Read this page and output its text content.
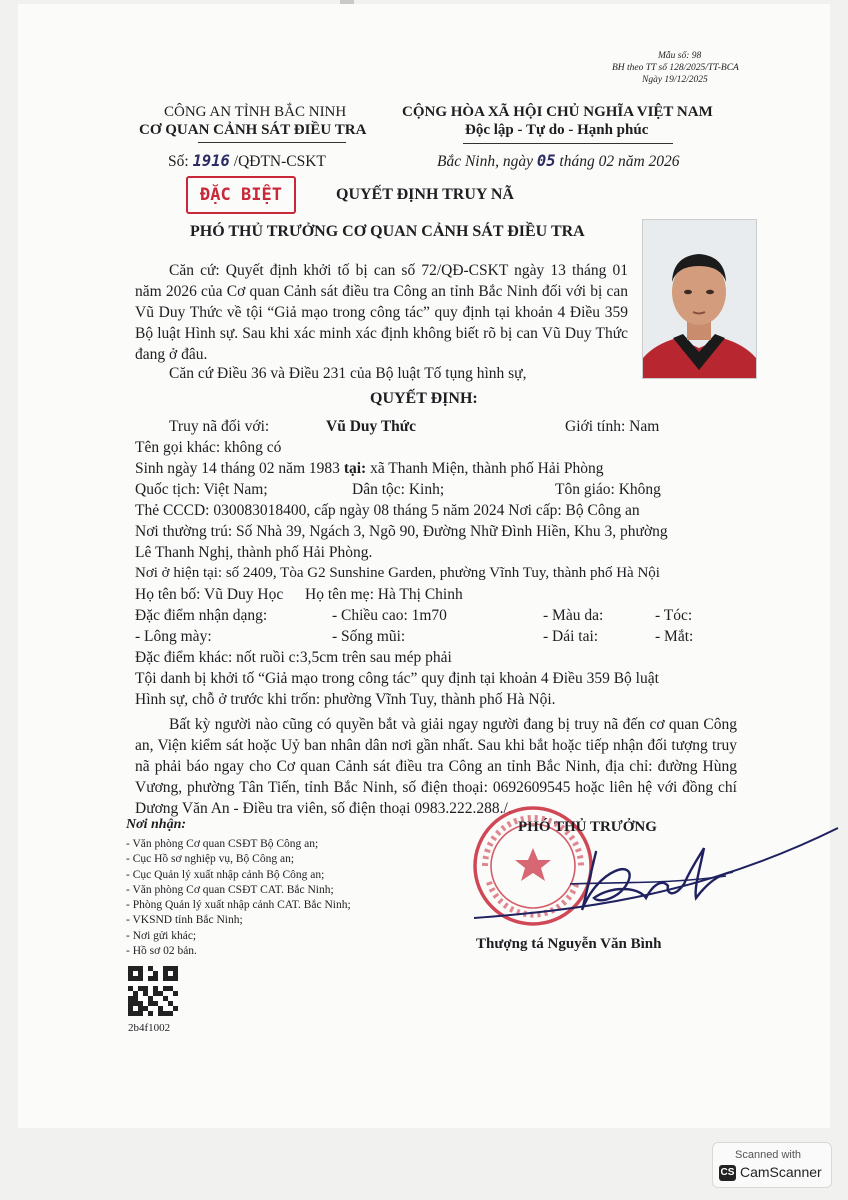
Mẫu số: 98
BH theo TT số 128/2025/TT-BCA
Ngày 19/12/2025
CÔNG AN TỈNH BẮC NINH
CƠ QUAN CẢNH SÁT ĐIỀU TRA
Số: 1916 /QĐTN-CSKT
CỘNG HÒA XÃ HỘI CHỦ NGHĨA VIỆT NAM
Độc lập - Tự do - Hạnh phúc
Bắc Ninh, ngày 05 tháng 02 năm 2026
ĐẶC BIỆT	QUYẾT ĐỊNH TRUY NÃ
PHÓ THỦ TRƯỞNG CƠ QUAN CẢNH SÁT ĐIỀU TRA
Căn cứ: Quyết định khởi tố bị can số 72/QĐ-CSKT ngày 13 tháng 01 năm 2026 của Cơ quan Cảnh sát điều tra Công an tỉnh Bắc Ninh đối với bị can Vũ Duy Thức về tội “Giả mạo trong công tác” quy định tại khoản 4 Điều 359 Bộ luật Hình sự. Sau khi xác minh xác định không biết rõ bị can Vũ Duy Thức đang ở đâu.
Căn cứ Điều 36 và Điều 231 của Bộ luật Tố tụng hình sự,
QUYẾT ĐỊNH:
Truy nã đối với:	Vũ Duy Thức	Giới tính: Nam
Tên gọi khác: không có
Sinh ngày 14 tháng 02 năm 1983 tại: xã Thanh Miện, thành phố Hải Phòng
Quốc tịch: Việt Nam;	Dân tộc: Kinh;	Tôn giáo: Không
Thẻ CCCD: 030083018400, cấp ngày 08 tháng 5 năm 2024 Nơi cấp: Bộ Công an
Nơi thường trú: Số Nhà 39, Ngách 3, Ngõ 90, Đường Nhữ Đình Hiền, Khu 3, phường
Lê Thanh Nghị, thành phố Hải Phòng.
Nơi ở hiện tại: số 2409, Tòa G2 Sunshine Garden, phường Vĩnh Tuy, thành phố Hà Nội
Họ tên bố: Vũ Duy Học Họ tên mẹ: Hà Thị Chinh
Đặc điểm nhận dạng:	- Chiều cao: 1m70	- Màu da:	- Tóc:
- Lông mày:	- Sống mũi:	- Dái tai:	- Mắt:
Đặc điểm khác: nốt ruồi c:3,5cm trên sau mép phải
Tội danh bị khởi tố “Giả mạo trong công tác” quy định tại khoản 4 Điều 359 Bộ luật
Hình sự, chỗ ở trước khi trốn: phường Vĩnh Tuy, thành phố Hà Nội.
Bất kỳ người nào cũng có quyền bắt và giải ngay người đang bị truy nã đến cơ quan Công an, Viện kiểm sát hoặc Uỷ ban nhân dân nơi gần nhất. Sau khi bắt hoặc tiếp nhận đối tượng truy nã phải báo ngay cho Cơ quan Cảnh sát điều tra Công an tỉnh Bắc Ninh, địa chỉ: đường Hùng Vương, phường Tân Tiến, tỉnh Bắc Ninh, số điện thoại: 0692609545 hoặc liên hệ với đồng chí Dương Văn An - Điều tra viên, số điện thoại 0983.222.288./.
Nơi nhận:
- Văn phòng Cơ quan CSĐT Bộ Công an;
- Cục Hồ sơ nghiệp vụ, Bộ Công an;
- Cục Quản lý xuất nhập cảnh Bộ Công an;
- Văn phòng Cơ quan CSĐT CAT. Bắc Ninh;
- Phòng Quản lý xuất nhập cảnh CAT. Bắc Ninh;
- VKSND tỉnh Bắc Ninh;
- Nơi gửi khác;
- Hồ sơ 02 bản.
PHÓ THỦ TRƯỞNG
Thượng tá Nguyễn Văn Bình
2b4f1002
Scanned with
CS CamScanner
